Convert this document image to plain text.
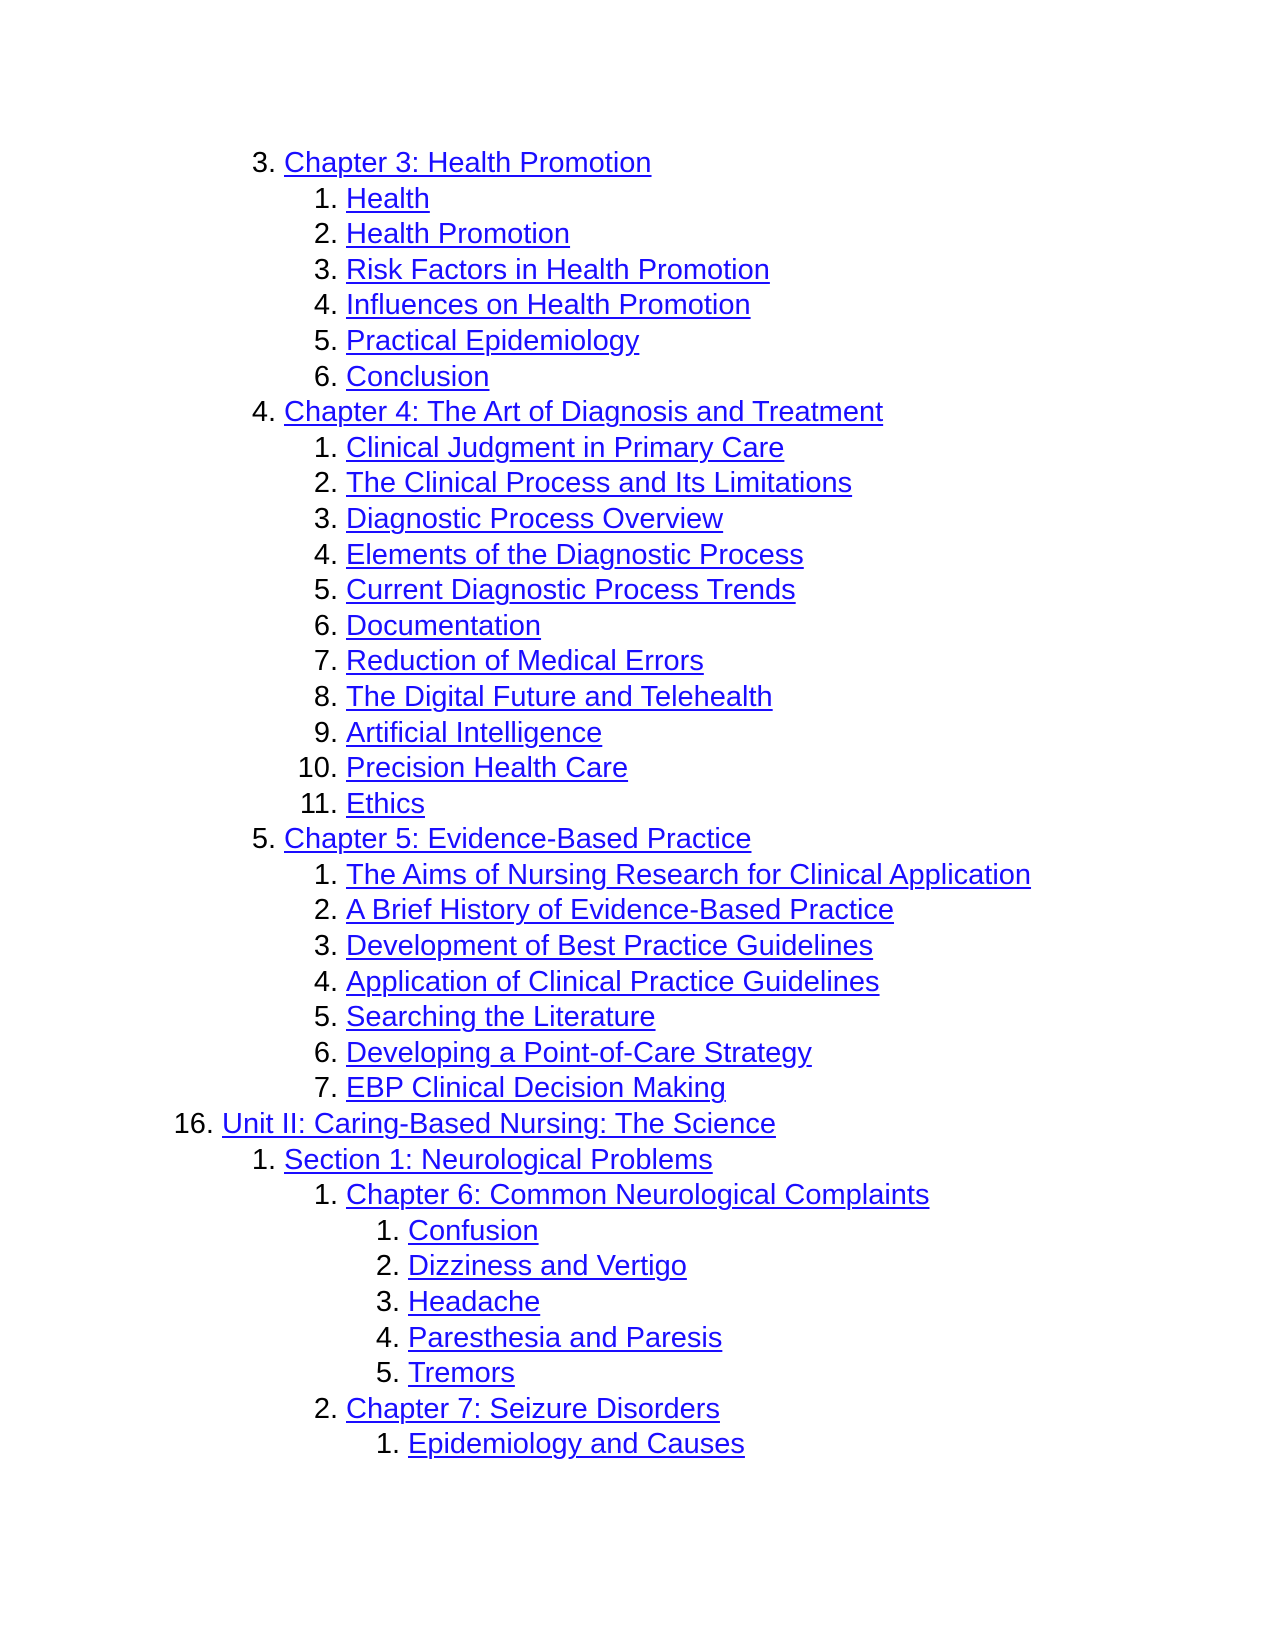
3. Chapter 3: Health Promotion
1. Health
2. Health Promotion
3. Risk Factors in Health Promotion
4. Influences on Health Promotion
5. Practical Epidemiology
6. Conclusion
4. Chapter 4: The Art of Diagnosis and Treatment
1. Clinical Judgment in Primary Care
2. The Clinical Process and Its Limitations
3. Diagnostic Process Overview
4. Elements of the Diagnostic Process
5. Current Diagnostic Process Trends
6. Documentation
7. Reduction of Medical Errors
8. The Digital Future and Telehealth
9. Artificial Intelligence
10. Precision Health Care
11. Ethics
5. Chapter 5: Evidence-Based Practice
1. The Aims of Nursing Research for Clinical Application
2. A Brief History of Evidence-Based Practice
3. Development of Best Practice Guidelines
4. Application of Clinical Practice Guidelines
5. Searching the Literature
6. Developing a Point-of-Care Strategy
7. EBP Clinical Decision Making
16. Unit II: Caring-Based Nursing: The Science
1. Section 1: Neurological Problems
1. Chapter 6: Common Neurological Complaints
1. Confusion
2. Dizziness and Vertigo
3. Headache
4. Paresthesia and Paresis
5. Tremors
2. Chapter 7: Seizure Disorders
1. Epidemiology and Causes
